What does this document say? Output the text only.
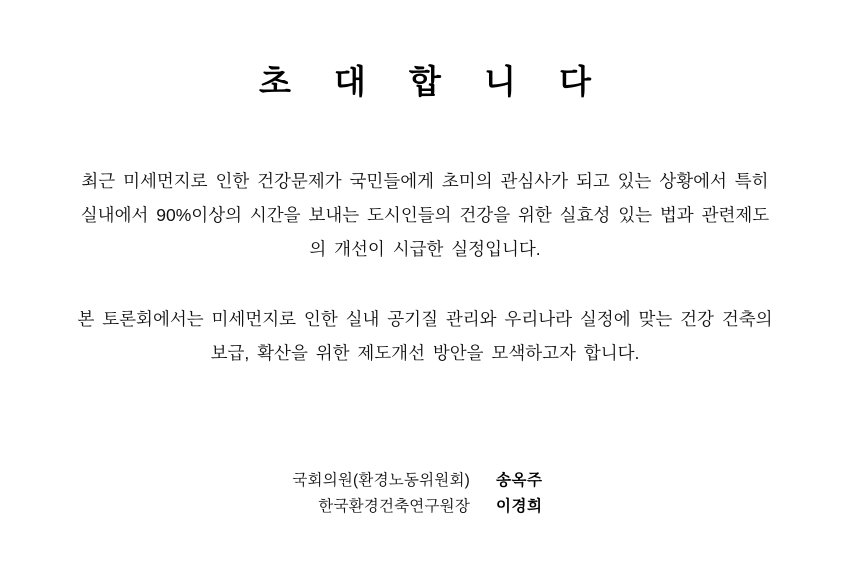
초 대 합 니 다

최근 미세먼지로 인한 건강문제가 국민들에게 초미의 관심사가 되고 있는 상황에서 특히 실내에서 90%이상의 시간을 보내는 도시인들의 건강을 위한 실효성 있는 법과 관련제도의 개선이 시급한 실정입니다.

본 토론회에서는 미세먼지로 인한 실내 공기질 관리와 우리나라 실정에 맞는 건강 건축의 보급, 확산을 위한 제도개선 방안을 모색하고자 합니다.

국회의원(환경노동위원회)	송옥주
한국환경건축연구원장	이경희
